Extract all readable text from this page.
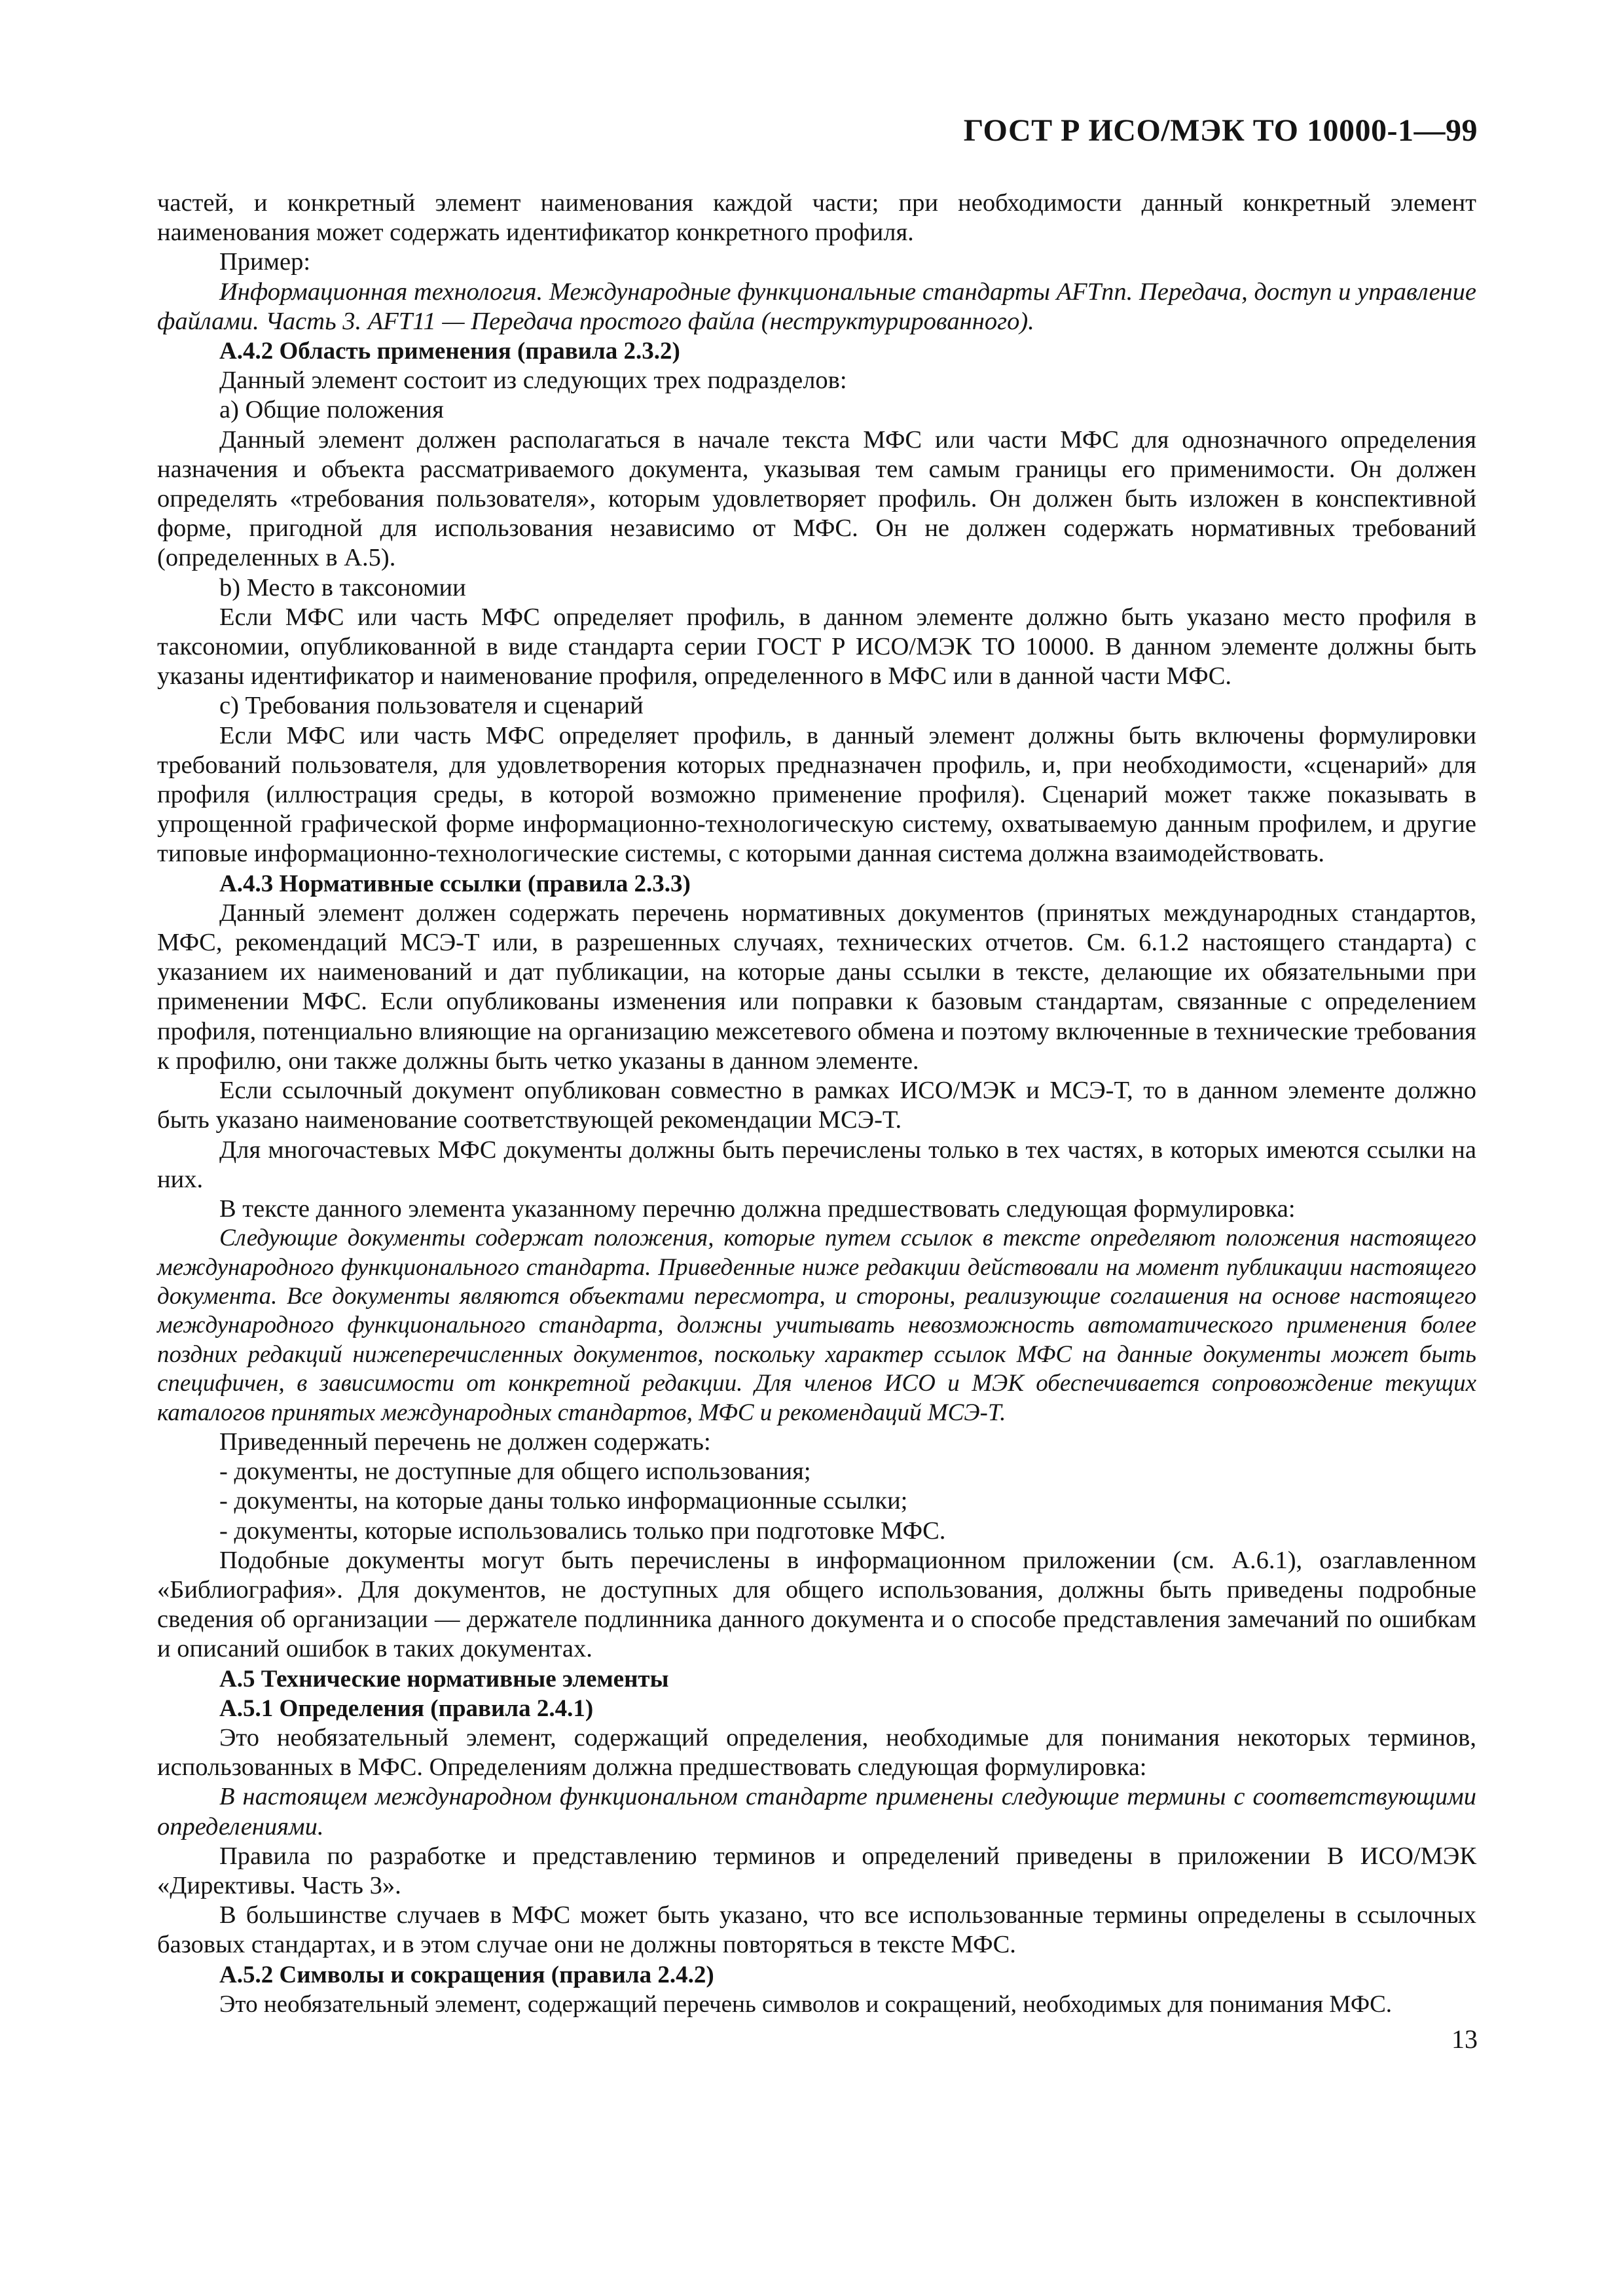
ГОСТ Р ИСО/МЭК ТО 10000-1—99

частей, и конкретный элемент наименования каждой части; при необходимости данный конкретный элемент наименования может содержать идентификатор конкретного профиля.

Пример:

Информационная технология. Международные функциональные стандарты AFTnn. Передача, доступ и управление файлами. Часть 3. AFT11 — Передача простого файла (неструктурированного).

А.4.2 Область применения (правила 2.3.2)

Данный элемент состоит из следующих трех подразделов:

а) Общие положения

Данный элемент должен располагаться в начале текста МФС или части МФС для однозначного определения назначения и объекта рассматриваемого документа, указывая тем самым границы его применимости. Он должен определять «требования пользователя», которым удовлетворяет профиль. Он должен быть изложен в конспективной форме, пригодной для использования независимо от МФС. Он не должен содержать нормативных требований (определенных в А.5).

b) Место в таксономии

Если МФС или часть МФС определяет профиль, в данном элементе должно быть указано место профиля в таксономии, опубликованной в виде стандарта серии ГОСТ Р ИСО/МЭК ТО 10000. В данном элементе должны быть указаны идентификатор и наименование профиля, определенного в МФС или в данной части МФС.

с) Требования пользователя и сценарий

Если МФС или часть МФС определяет профиль, в данный элемент должны быть включены формулировки требований пользователя, для удовлетворения которых предназначен профиль, и, при необходимости, «сценарий» для профиля (иллюстрация среды, в которой возможно применение профиля). Сценарий может также показывать в упрощенной графической форме информационно-технологическую систему, охватываемую данным профилем, и другие типовые информационно-технологические системы, с которыми данная система должна взаимодействовать.

А.4.3 Нормативные ссылки (правила 2.3.3)

Данный элемент должен содержать перечень нормативных документов (принятых международных стандартов, МФС, рекомендаций МСЭ-Т или, в разрешенных случаях, технических отчетов. См. 6.1.2 настоящего стандарта) с указанием их наименований и дат публикации, на которые даны ссылки в тексте, делающие их обязательными при применении МФС. Если опубликованы изменения или поправки к базовым стандартам, связанные с определением профиля, потенциально влияющие на организацию межсетевого обмена и поэтому включенные в технические требования к профилю, они также должны быть четко указаны в данном элементе.

Если ссылочный документ опубликован совместно в рамках ИСО/МЭК и МСЭ-Т, то в данном элементе должно быть указано наименование соответствующей рекомендации МСЭ-Т.

Для многочастевых МФС документы должны быть перечислены только в тех частях, в которых имеются ссылки на них.

В тексте данного элемента указанному перечню должна предшествовать следующая формулировка:

Следующие документы содержат положения, которые путем ссылок в тексте определяют положения настоящего международного функционального стандарта. Приведенные ниже редакции действовали на момент публикации настоящего документа. Все документы являются объектами пересмотра, и стороны, реализующие соглашения на основе настоящего международного функционального стандарта, должны учитывать невозможность автоматического применения более поздних редакций нижеперечисленных документов, поскольку характер ссылок МФС на данные документы может быть специфичен, в зависимости от конкретной редакции. Для членов ИСО и МЭК обеспечивается сопровождение текущих каталогов принятых международных стандартов, МФС и рекомендаций МСЭ-Т.

Приведенный перечень не должен содержать:

- документы, не доступные для общего использования;

- документы, на которые даны только информационные ссылки;

- документы, которые использовались только при подготовке МФС.

Подобные документы могут быть перечислены в информационном приложении (см. А.6.1), озаглавленном «Библиография». Для документов, не доступных для общего использования, должны быть приведены подробные сведения об организации — держателе подлинника данного документа и о способе представления замечаний по ошибкам и описаний ошибок в таких документах.

А.5 Технические нормативные элементы

А.5.1 Определения (правила 2.4.1)

Это необязательный элемент, содержащий определения, необходимые для понимания некоторых терминов, использованных в МФС. Определениям должна предшествовать следующая формулировка:

В настоящем международном функциональном стандарте применены следующие термины с соответствующими определениями.

Правила по разработке и представлению терминов и определений приведены в приложении В ИСО/МЭК «Директивы. Часть 3».

В большинстве случаев в МФС может быть указано, что все использованные термины определены в ссылочных базовых стандартах, и в этом случае они не должны повторяться в тексте МФС.

А.5.2 Символы и сокращения (правила 2.4.2)

Это необязательный элемент, содержащий перечень символов и сокращений, необходимых для понимания МФС.

13
